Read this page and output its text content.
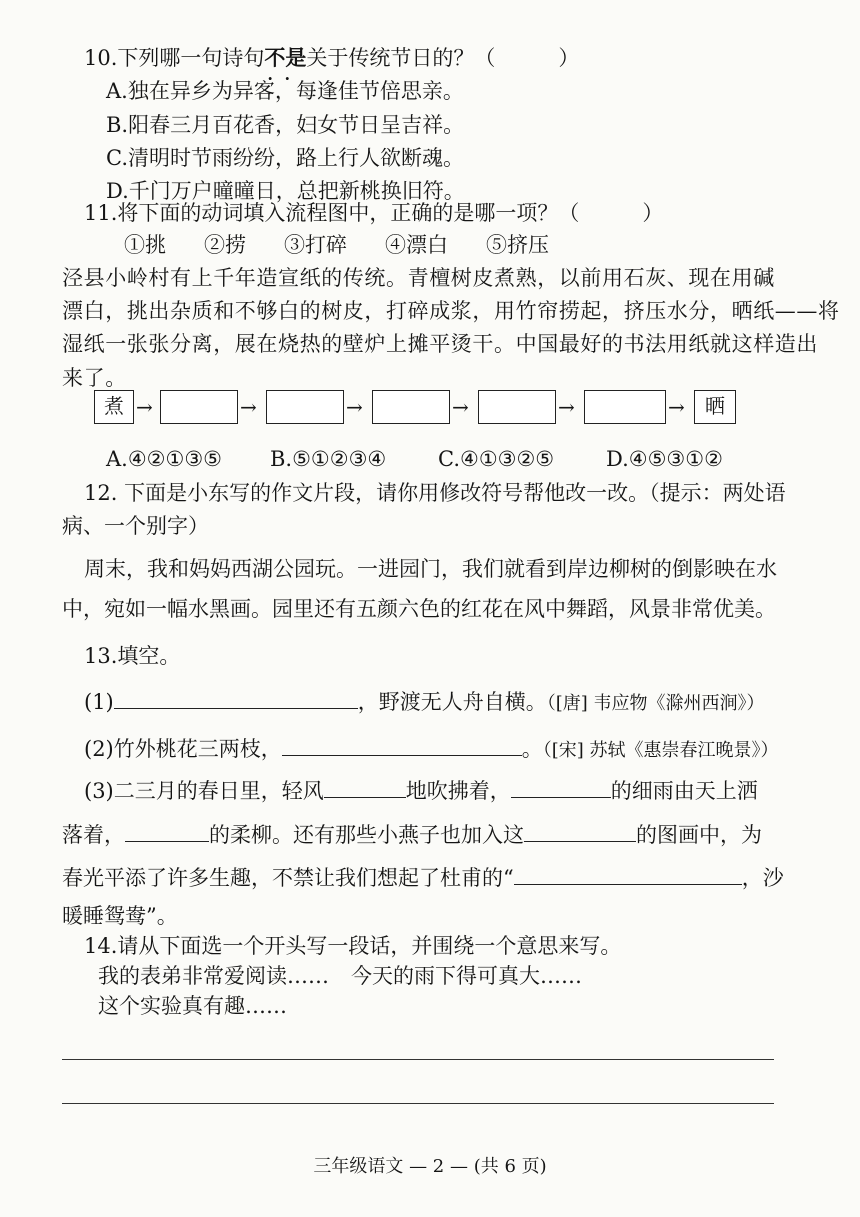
10.下列哪一句诗句不是 · ·关于传统节日的？（　　　）
A.独在异乡为异客，每逢佳节倍思亲。
B.阳春三月百花香，妇女节日呈吉祥。
C.清明时节雨纷纷，路上行人欲断魂。
D.千门万户曈曈日，总把新桃换旧符。
11.将下面的动词填入流程图中，正确的是哪一项？（　　　）
①挑 ②捞 ③打碎 ④漂白 ⑤挤压
泾县小岭村有上千年造宣纸的传统。青檀树皮煮熟，以前用石灰、现在用碱
漂白，挑出杂质和不够白的树皮，打碎成浆，用竹帘捞起，挤压水分，晒纸——将
湿纸一张张分离，展在烧热的壁炉上摊平烫干。中国最好的书法用纸就这样造出
来了。
煮 →	→	→	→	→	→	晒
A.④②①③⑤ B.⑤①②③④ C.④①③②⑤ D.④⑤③①②
12. 下面是小东写的作文片段，请你用修改符号帮他改一改。（提示：两处语
病、一个别字）
周末，我和妈妈西湖公园玩。一进园门，我们就看到岸边柳树的倒影映在水
中，宛如一幅水黑画。园里还有五颜六色的红花在风中舞蹈，风景非常优美。
13.填空。
(1)	，野渡无人舟自横。（[唐] 韦应物《滁州西涧》）
(2)竹外桃花三两枝，	。（[宋] 苏轼《惠崇春江晚景》）
(3)二三月的春日里，轻风	地吹拂着，	的细雨由天上洒
落着，	的柔柳。还有那些小燕子也加入这	的图画中，为
春光平添了许多生趣，不禁让我们想起了杜甫的“	，沙
暖睡鸳鸯”。
14.请从下面选一个开头写一段话，并围绕一个意思来写。
我的表弟非常爱阅读…… 今天的雨下得可真大……
这个实验真有趣……
三年级语文 — 2 — (共 6 页)
